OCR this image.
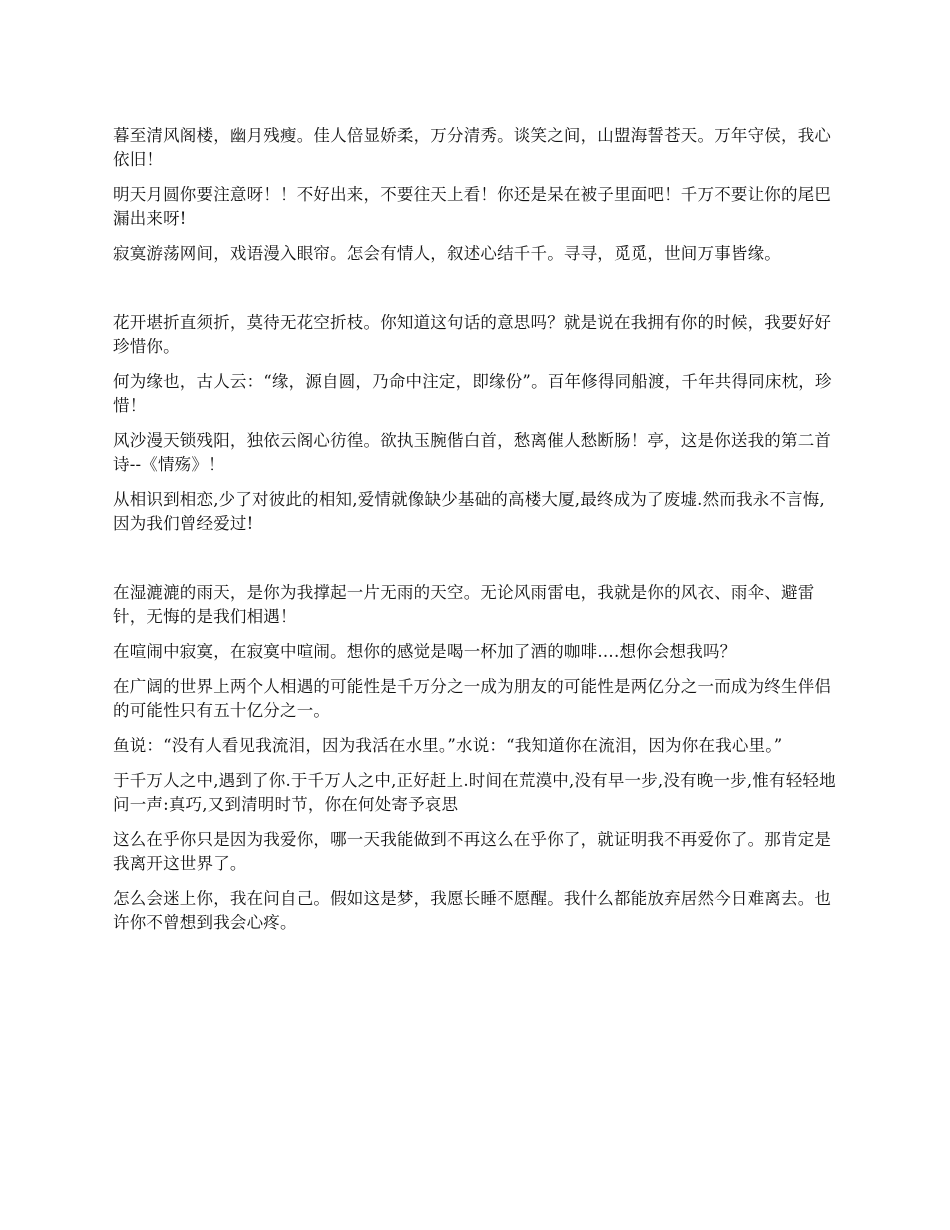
暮至清风阁楼，幽月残瘦。佳人倍显娇柔，万分清秀。谈笑之间，山盟海誓苍天。万年守侯，我心依旧！

明天月圆你要注意呀！！不好出来，不要往天上看！你还是呆在被子里面吧！千万不要让你的尾巴漏出来呀!

寂寞游荡网间，戏语漫入眼帘。怎会有情人，叙述心结千千。寻寻，觅觅，世间万事皆缘。

花开堪折直须折，莫待无花空折枝。你知道这句话的意思吗？就是说在我拥有你的时候，我要好好珍惜你。

何为缘也，古人云：“缘，源自圆，乃命中注定，即缘份”。百年修得同船渡，千年共得同床枕，珍惜！

风沙漫天锁残阳，独依云阁心彷徨。欲执玉腕偕白首，愁离催人愁断肠！亭，这是你送我的第二首诗--《情殇》！

从相识到相恋,少了对彼此的相知,爱情就像缺少基础的高楼大厦,最终成为了废墟.然而我永不言悔,因为我们曾经爱过!

在湿漉漉的雨天，是你为我撑起一片无雨的天空。无论风雨雷电，我就是你的风衣、雨伞、避雷针，无悔的是我们相遇！

在喧闹中寂寞，在寂寞中喧闹。想你的感觉是喝一杯加了酒的咖啡….想你会想我吗？

在广阔的世界上两个人相遇的可能性是千万分之一成为朋友的可能性是两亿分之一而成为终生伴侣的可能性只有五十亿分之一。

鱼说：“没有人看见我流泪，因为我活在水里。”水说：“我知道你在流泪，因为你在我心里。”

于千万人之中,遇到了你.于千万人之中,正好赶上.时间在荒漠中,没有早一步,没有晚一步,惟有轻轻地问一声:真巧,又到清明时节，你在何处寄予哀思

这么在乎你只是因为我爱你，哪一天我能做到不再这么在乎你了，就证明我不再爱你了。那肯定是我离开这世界了。

怎么会迷上你，我在问自己。假如这是梦，我愿长睡不愿醒。我什么都能放弃居然今日难离去。也许你不曾想到我会心疼。
